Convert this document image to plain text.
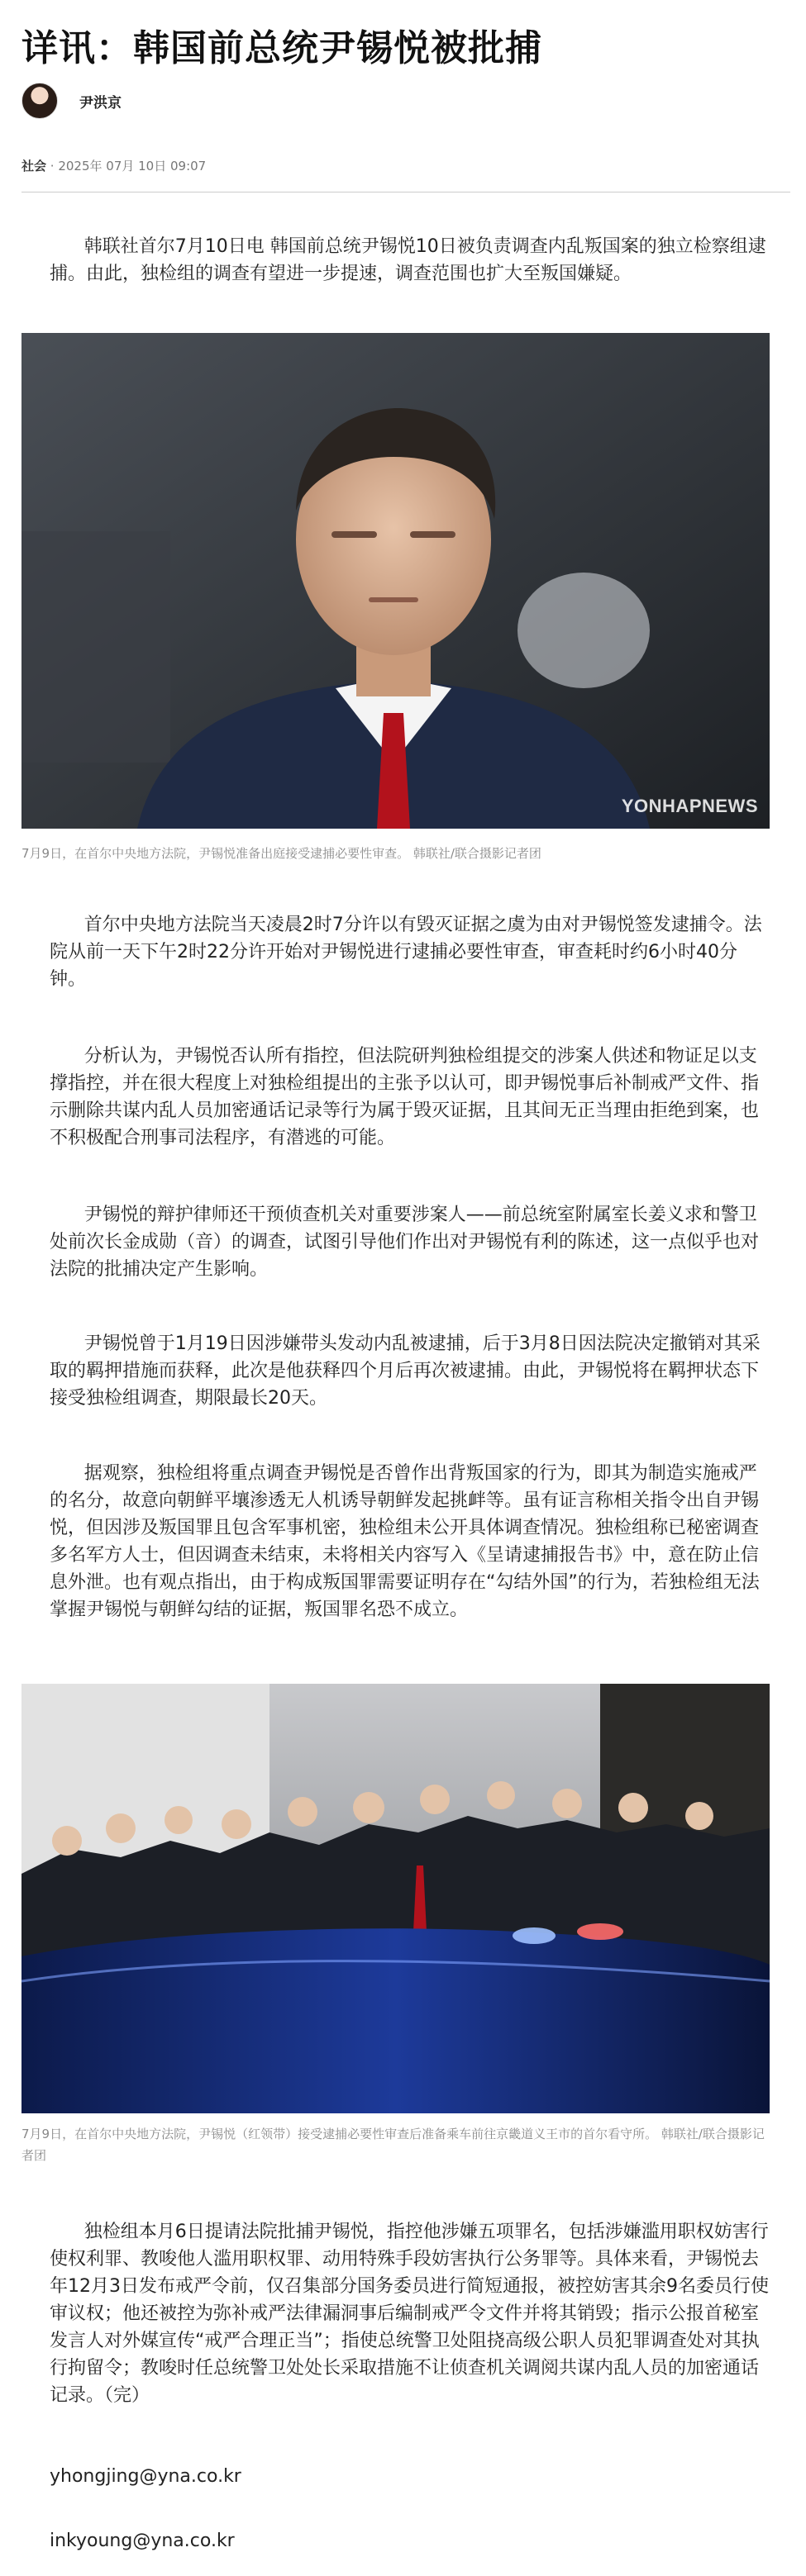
详讯：韩国前总统尹锡悦被批捕
尹洪京
社会 · 2025年 07月 10日 09:07

韩联社首尔7月10日电 韩国前总统尹锡悦10日被负责调查内乱叛国案的独立检察组逮捕。由此，独检组的调查有望进一步提速，调查范围也扩大至叛国嫌疑。

YONHAPNEWS

7月9日，在首尔中央地方法院，尹锡悦准备出庭接受逮捕必要性审查。 韩联社/联合摄影记者团

首尔中央地方法院当天凌晨2时7分许以有毁灭证据之虞为由对尹锡悦签发逮捕令。法院从前一天下午2时22分许开始对尹锡悦进行逮捕必要性审查，审查耗时约6小时40分钟。

分析认为，尹锡悦否认所有指控，但法院研判独检组提交的涉案人供述和物证足以支撑指控，并在很大程度上对独检组提出的主张予以认可，即尹锡悦事后补制戒严文件、指示删除共谋内乱人员加密通话记录等行为属于毁灭证据，且其间无正当理由拒绝到案，也不积极配合刑事司法程序，有潜逃的可能。

尹锡悦的辩护律师还干预侦查机关对重要涉案人——前总统室附属室长姜义求和警卫处前次长金成勋（音）的调查，试图引导他们作出对尹锡悦有利的陈述，这一点似乎也对法院的批捕决定产生影响。

尹锡悦曾于1月19日因涉嫌带头发动内乱被逮捕，后于3月8日因法院决定撤销对其采取的羁押措施而获释，此次是他获释四个月后再次被逮捕。由此，尹锡悦将在羁押状态下接受独检组调查，期限最长20天。

据观察，独检组将重点调查尹锡悦是否曾作出背叛国家的行为，即其为制造实施戒严的名分，故意向朝鲜平壤渗透无人机诱导朝鲜发起挑衅等。虽有证言称相关指令出自尹锡悦，但因涉及叛国罪且包含军事机密，独检组未公开具体调查情况。独检组称已秘密调查多名军方人士，但因调查未结束，未将相关内容写入《呈请逮捕报告书》中，意在防止信息外泄。也有观点指出，由于构成叛国罪需要证明存在“勾结外国”的行为，若独检组无法掌握尹锡悦与朝鲜勾结的证据，叛国罪名恐不成立。

7月9日，在首尔中央地方法院，尹锡悦（红领带）接受逮捕必要性审查后准备乘车前往京畿道义王市的首尔看守所。 韩联社/联合摄影记者团

独检组本月6日提请法院批捕尹锡悦，指控他涉嫌五项罪名，包括涉嫌滥用职权妨害行使权利罪、教唆他人滥用职权罪、动用特殊手段妨害执行公务罪等。具体来看，尹锡悦去年12月3日发布戒严令前，仅召集部分国务委员进行简短通报，被控妨害其余9名委员行使审议权；他还被控为弥补戒严法律漏洞事后编制戒严令文件并将其销毁；指示公报首秘室发言人对外媒宣传“戒严合理正当”；指使总统警卫处阻挠高级公职人员犯罪调查处对其执行拘留令；教唆时任总统警卫处处长采取措施不让侦查机关调阅共谋内乱人员的加密通话记录。（完）

yhongjing@yna.co.kr
inkyoung@yna.co.kr
